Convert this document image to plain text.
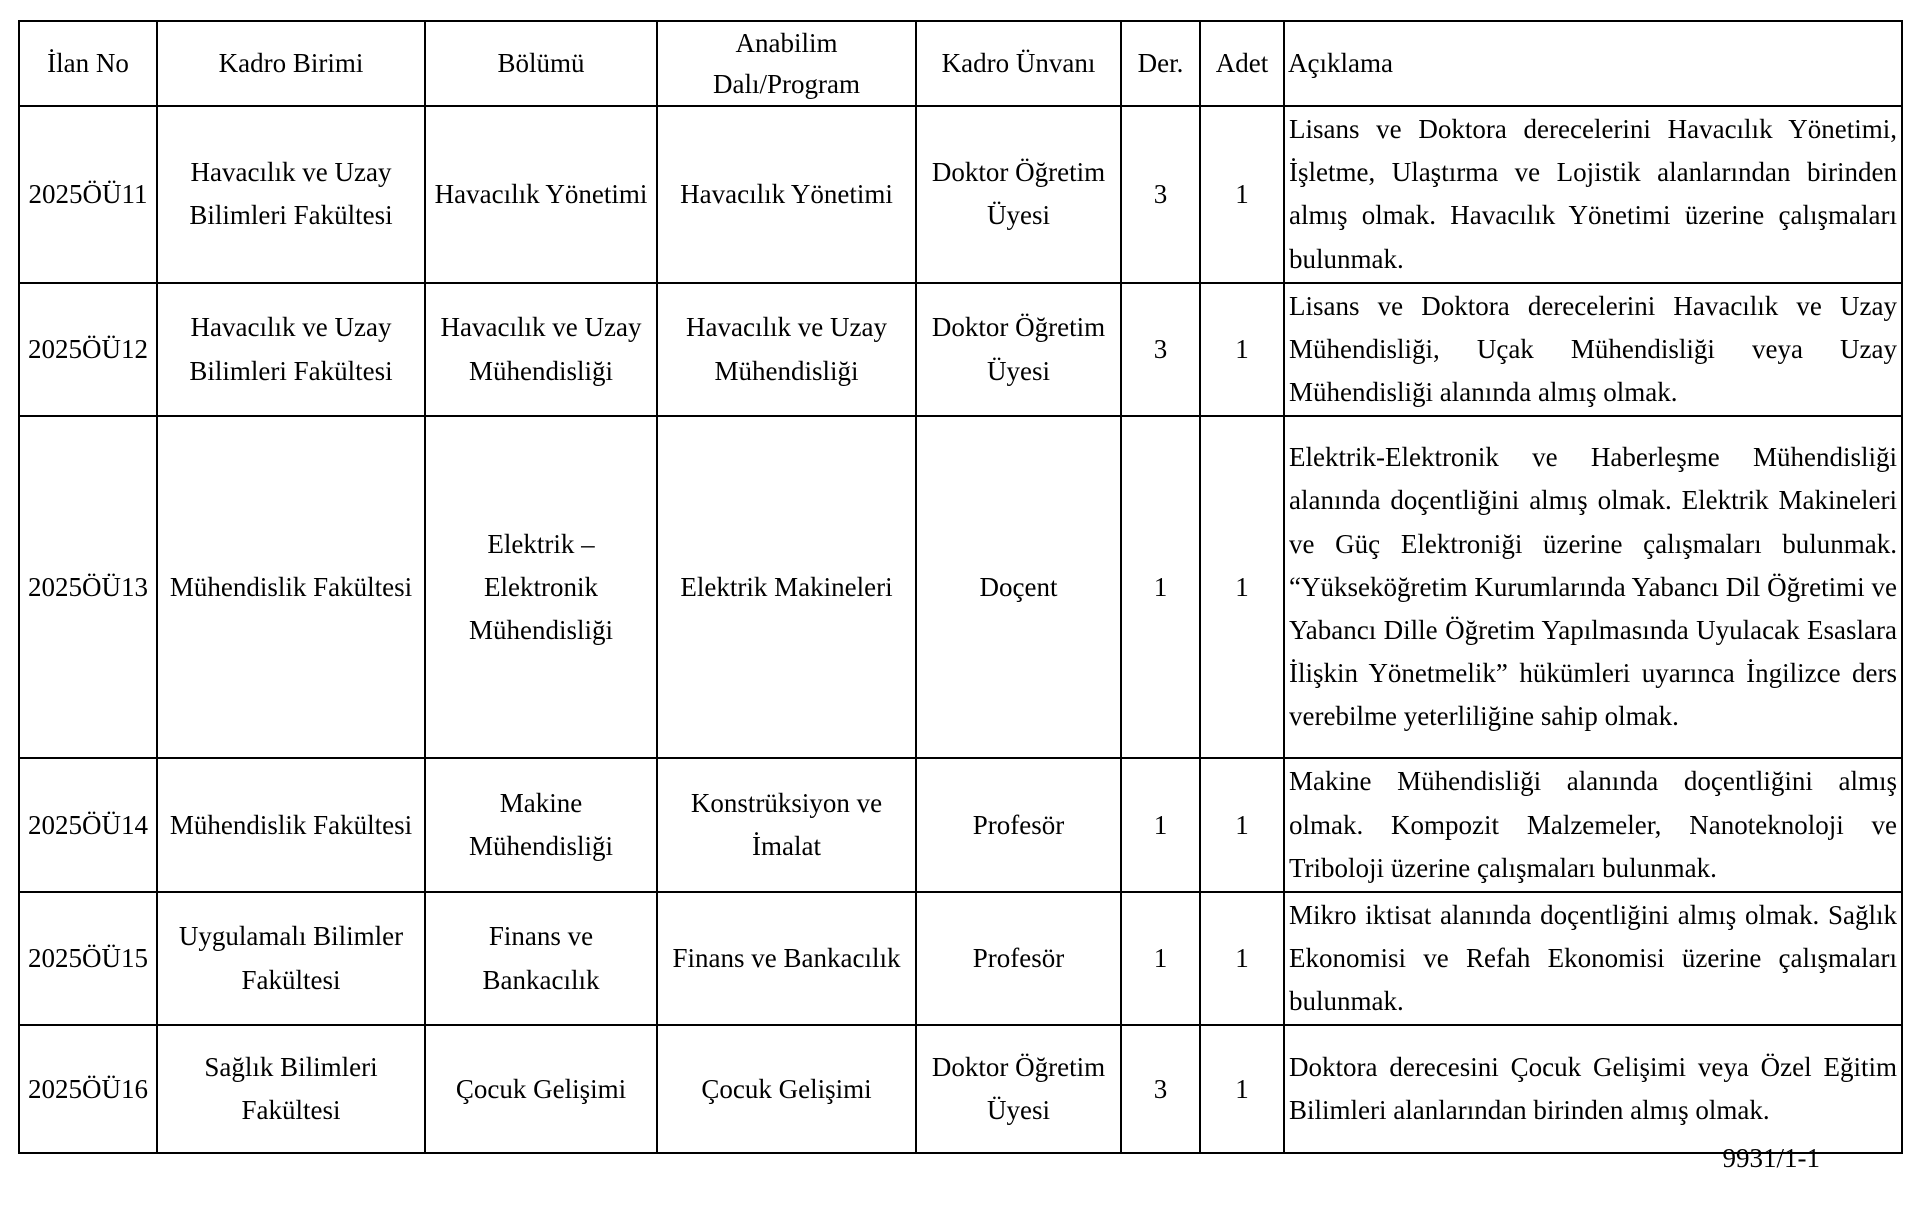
İlan No	Kadro Birimi	Bölümü	Anabilim Dalı/Program	Kadro Ünvanı	Der.	Adet	Açıklama
2025ÖÜ11	Havacılık ve Uzay Bilimleri Fakültesi	Havacılık Yönetimi	Havacılık Yönetimi	Doktor Öğretim Üyesi	3	1	Lisans ve Doktora derecelerini Havacılık Yönetimi, İşletme, Ulaştırma ve Lojistik alanlarından birinden almış olmak. Havacılık Yönetimi üzerine çalışmaları bulunmak.
2025ÖÜ12	Havacılık ve Uzay Bilimleri Fakültesi	Havacılık ve Uzay Mühendisliği	Havacılık ve Uzay Mühendisliği	Doktor Öğretim Üyesi	3	1	Lisans ve Doktora derecelerini Havacılık ve Uzay Mühendisliği, Uçak Mühendisliği veya Uzay Mühendisliği alanında almış olmak.
2025ÖÜ13	Mühendislik Fakültesi	Elektrik – Elektronik Mühendisliği	Elektrik Makineleri	Doçent	1	1	Elektrik-Elektronik ve Haberleşme Mühendisliği alanında doçentliğini almış olmak. Elektrik Makineleri ve Güç Elektroniği üzerine çalışmaları bulunmak. “Yükseköğretim Kurumlarında Yabancı Dil Öğretimi ve Yabancı Dille Öğretim Yapılmasında Uyulacak Esaslara İlişkin Yönetmelik” hükümleri uyarınca İngilizce ders verebilme yeterliliğine sahip olmak.
2025ÖÜ14	Mühendislik Fakültesi	Makine Mühendisliği	Konstrüksiyon ve İmalat	Profesör	1	1	Makine Mühendisliği alanında doçentliğini almış olmak. Kompozit Malzemeler, Nanoteknoloji ve Triboloji üzerine çalışmaları bulunmak.
2025ÖÜ15	Uygulamalı Bilimler Fakültesi	Finans ve Bankacılık	Finans ve Bankacılık	Profesör	1	1	Mikro iktisat alanında doçentliğini almış olmak. Sağlık Ekonomisi ve Refah Ekonomisi üzerine çalışmaları bulunmak.
2025ÖÜ16	Sağlık Bilimleri Fakültesi	Çocuk Gelişimi	Çocuk Gelişimi	Doktor Öğretim Üyesi	3	1	Doktora derecesini Çocuk Gelişimi veya Özel Eğitim Bilimleri alanlarından birinden almış olmak.
9931/1-1
